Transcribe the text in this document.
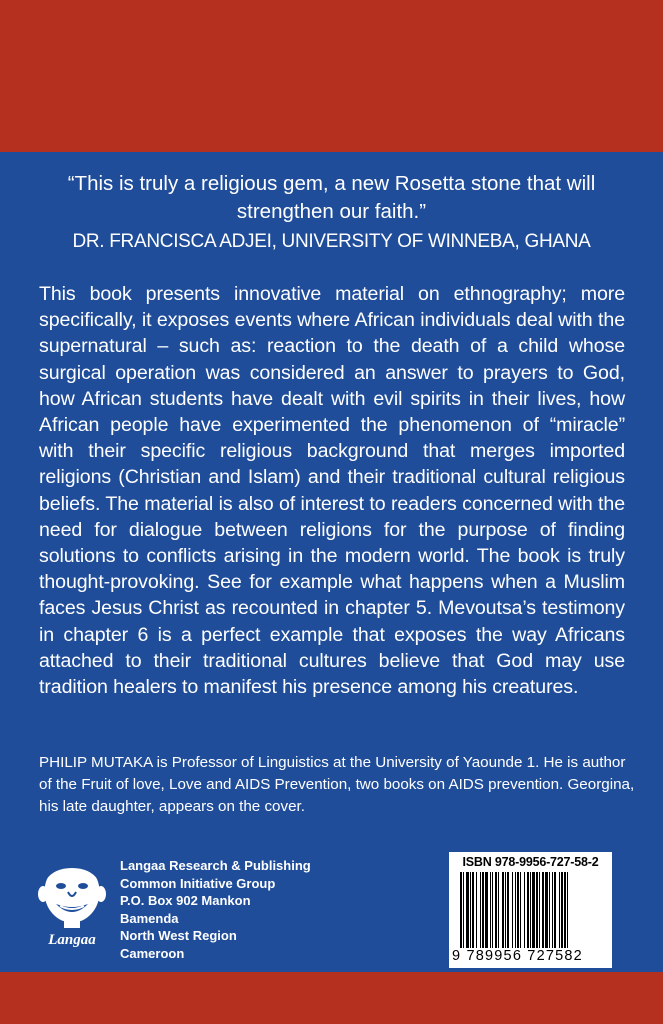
“This is truly a religious gem, a new Rosetta stone that will strengthen our faith.”
DR. FRANCISCA ADJEI, UNIVERSITY OF WINNEBA, GHANA
This book presents innovative material on ethnography; more specifically, it exposes events where African individuals deal with the supernatural – such as: reaction to the death of a child whose surgical operation was considered an answer to prayers to God, how African students have dealt with evil spirits in their lives, how African people have experimented the phenomenon of “miracle” with their specific religious background that merges imported religions (Christian and Islam) and their traditional cultural religious beliefs. The material is also of interest to readers concerned with the need for dialogue between religions for the purpose of finding solutions to conflicts arising in the modern world. The book is truly thought-provoking. See for example what happens when a Muslim faces Jesus Christ as recounted in chapter 5. Mevoutsa’s testimony in chapter 6 is a perfect example that exposes the way Africans attached to their traditional cultures believe that God may use tradition healers to manifest his presence among his creatures.
PHILIP MUTAKA is Professor of Linguistics at the University of Yaounde 1. He is author of the Fruit of love, Love and AIDS Prevention, two books on AIDS prevention. Georgina, his late daughter, appears on the cover.
Langaa
Langaa Research & Publishing
Common Initiative Group
P.O. Box 902 Mankon
Bamenda
North West Region
Cameroon
ISBN 978-9956-727-58-2
9 789956 727582
